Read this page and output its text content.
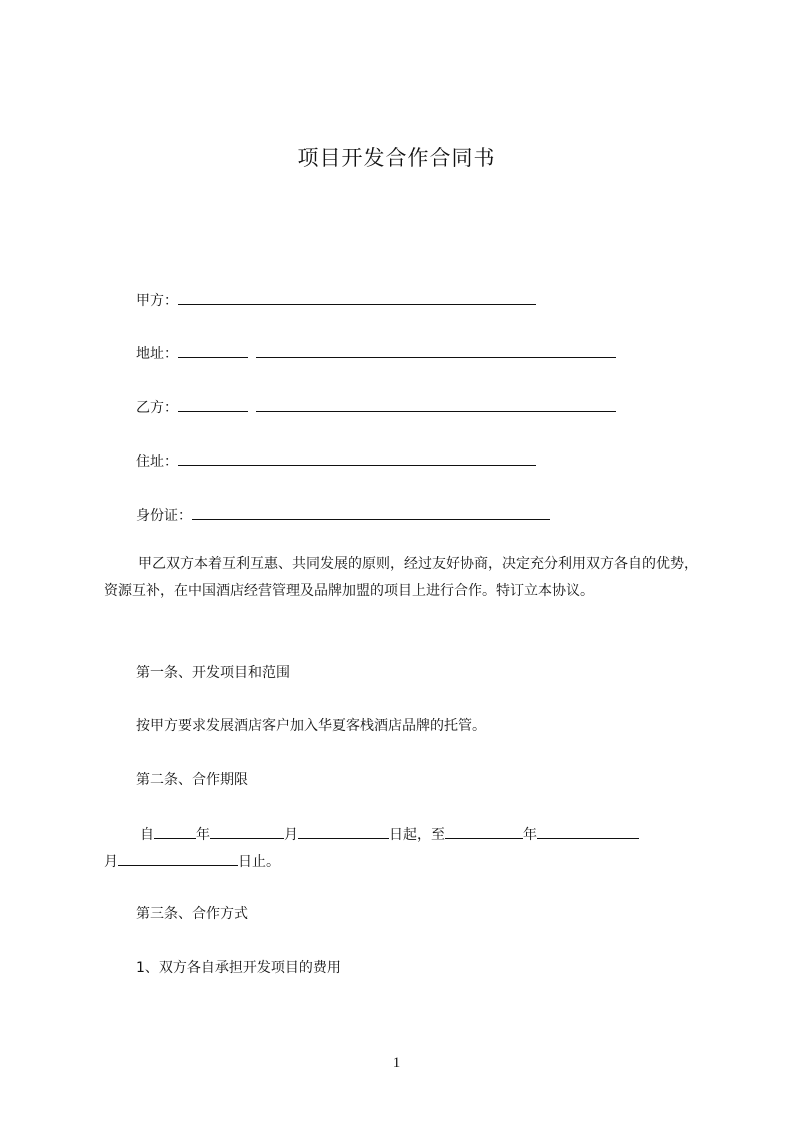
项目开发合作合同书
甲方：
地址：
乙方：
住址：
身份证：
甲乙双方本着互利互惠、共同发展的原则，经过友好协商，决定充分利用双方各自的优势，资源互补，在中国酒店经营管理及品牌加盟的项目上进行合作。特订立本协议。
第一条、开发项目和范围
按甲方要求发展酒店客户加入华夏客栈酒店品牌的托管。
第二条、合作期限
自	年	月	日起，至	年
月	日止。
第三条、合作方式
1、双方各自承担开发项目的费用
1
